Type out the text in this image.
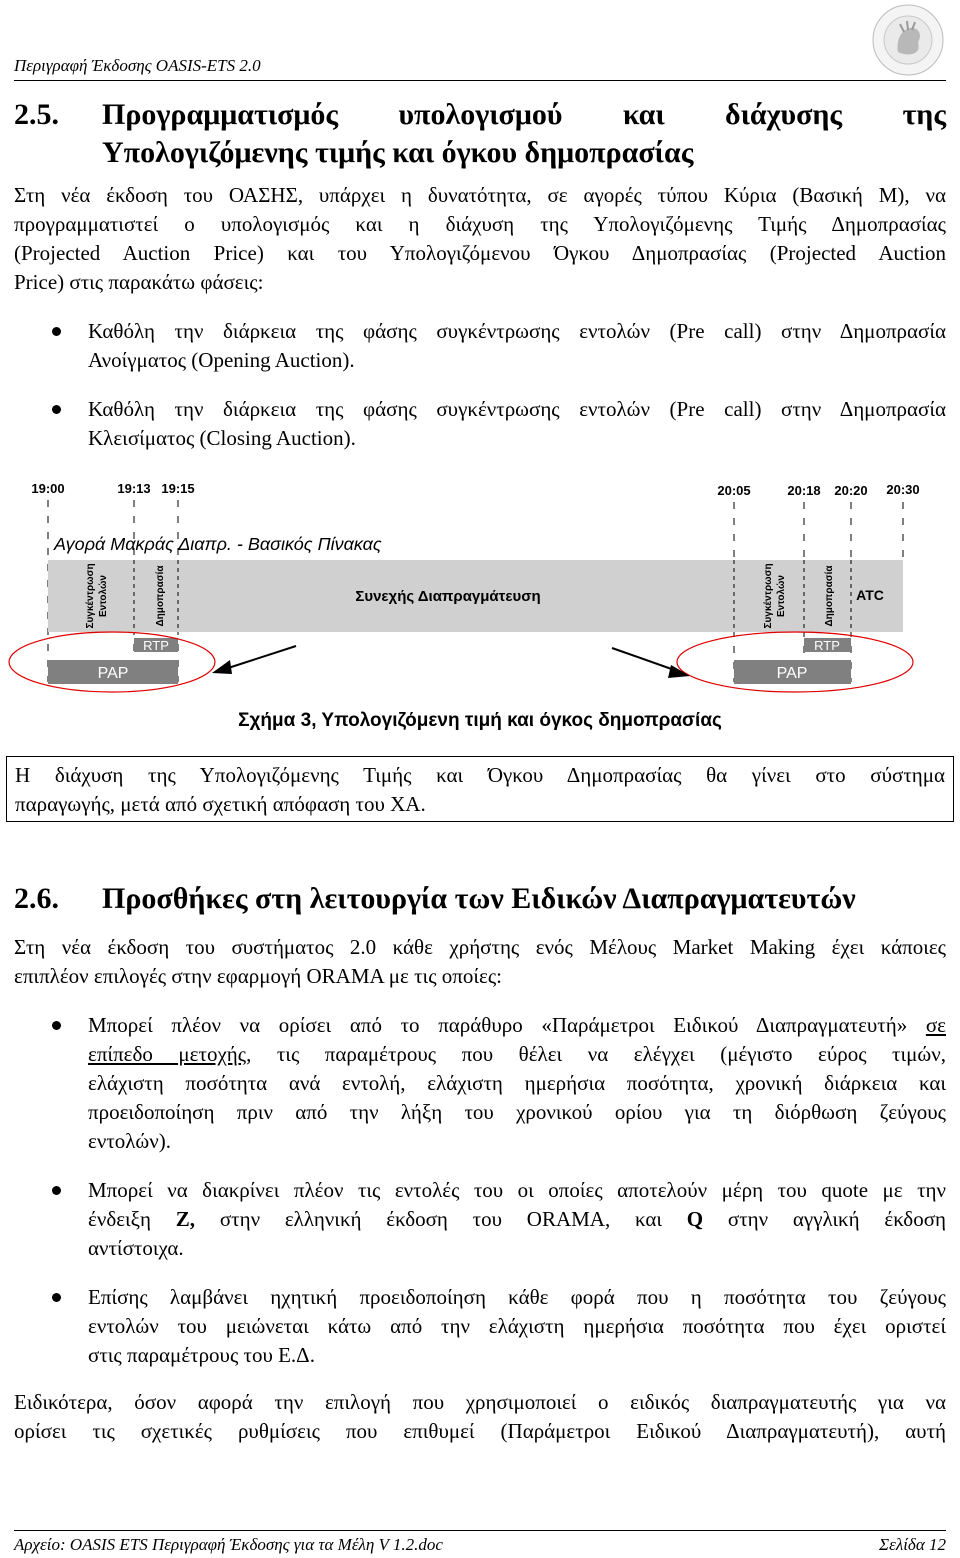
Περιγραφή Έκδοσης OASIS-ETS 2.0
2.5.	Προγραμματισμός υπολογισμού και διάχυσης της
Υπολογιζόμενης τιμής και όγκου δημοπρασίας
Στη νέα έκδοση του ΟΑΣΗΣ, υπάρχει η δυνατότητα, σε αγορές τύπου Κύρια (Βασική Μ), να
προγραμματιστεί ο υπολογισμός και η διάχυση της Υπολογιζόμενης Τιμής Δημοπρασίας
(Projected Auction Price) και του Υπολογιζόμενου Όγκου Δημοπρασίας (Projected Auction
Price) στις παρακάτω φάσεις:
Καθόλη την διάρκεια της φάσης συγκέντρωσης εντολών (Pre call) στην Δημοπρασία
Ανοίγματος (Opening Auction).
Καθόλη την διάρκεια της φάσης συγκέντρωσης εντολών (Pre call) στην Δημοπρασία
Κλεισίματος (Closing Auction).
19:00	19:13 19:15	20:05	20:18 20:20 20:30
Αγορά Μακράς Διαπρ. - Βασικός Πίνακας
Συγκέντρωση Εντολών	Δημοπρασία	Συνεχής Διαπραγμάτευση	Συγκέντρωση Εντολών	Δημοπρασία ATC
RTP
PAP
RTP
PAP
Σχήμα 3, Υπολογιζόμενη τιμή και όγκος δημοπρασίας
Η διάχυση της Υπολογιζόμενης Τιμής και Όγκου Δημοπρασίας θα γίνει στο σύστημα
παραγωγής, μετά από σχετική απόφαση του ΧΑ.
2.6. Προσθήκες στη λειτουργία των Ειδικών Διαπραγματευτών
Στη νέα έκδοση του συστήματος 2.0 κάθε χρήστης ενός Μέλους Market Making έχει κάποιες
επιπλέον επιλογές στην εφαρμογή ORAMA με τις οποίες:
Μπορεί πλέον να ορίσει από το παράθυρο «Παράμετροι Ειδικού Διαπραγματευτή» σε
επίπεδο μετοχής, τις παραμέτρους που θέλει να ελέγχει (μέγιστο εύρος τιμών,
ελάχιστη ποσότητα ανά εντολή, ελάχιστη ημερήσια ποσότητα, χρονική διάρκεια και
προειδοποίηση πριν από την λήξη του χρονικού ορίου για τη διόρθωση ζεύγους
εντολών).
Μπορεί να διακρίνει πλέον τις εντολές του οι οποίες αποτελούν μέρη του quote με την
ένδειξη Z, στην ελληνική έκδοση του ORAMA, και Q στην αγγλική έκδοση
αντίστοιχα.
Επίσης λαμβάνει ηχητική προειδοποίηση κάθε φορά που η ποσότητα του ζεύγους
εντολών του μειώνεται κάτω από την ελάχιστη ημερήσια ποσότητα που έχει οριστεί
στις παραμέτρους του Ε.Δ.
Ειδικότερα, όσον αφορά την επιλογή που χρησιμοποιεί ο ειδικός διαπραγματευτής για να
ορίσει τις σχετικές ρυθμίσεις που επιθυμεί (Παράμετροι Ειδικού Διαπραγματευτή), αυτή
Αρχείο: OASIS ETS Περιγραφή Έκδοσης για τα Μέλη V 1.2.doc	Σελίδα 12
